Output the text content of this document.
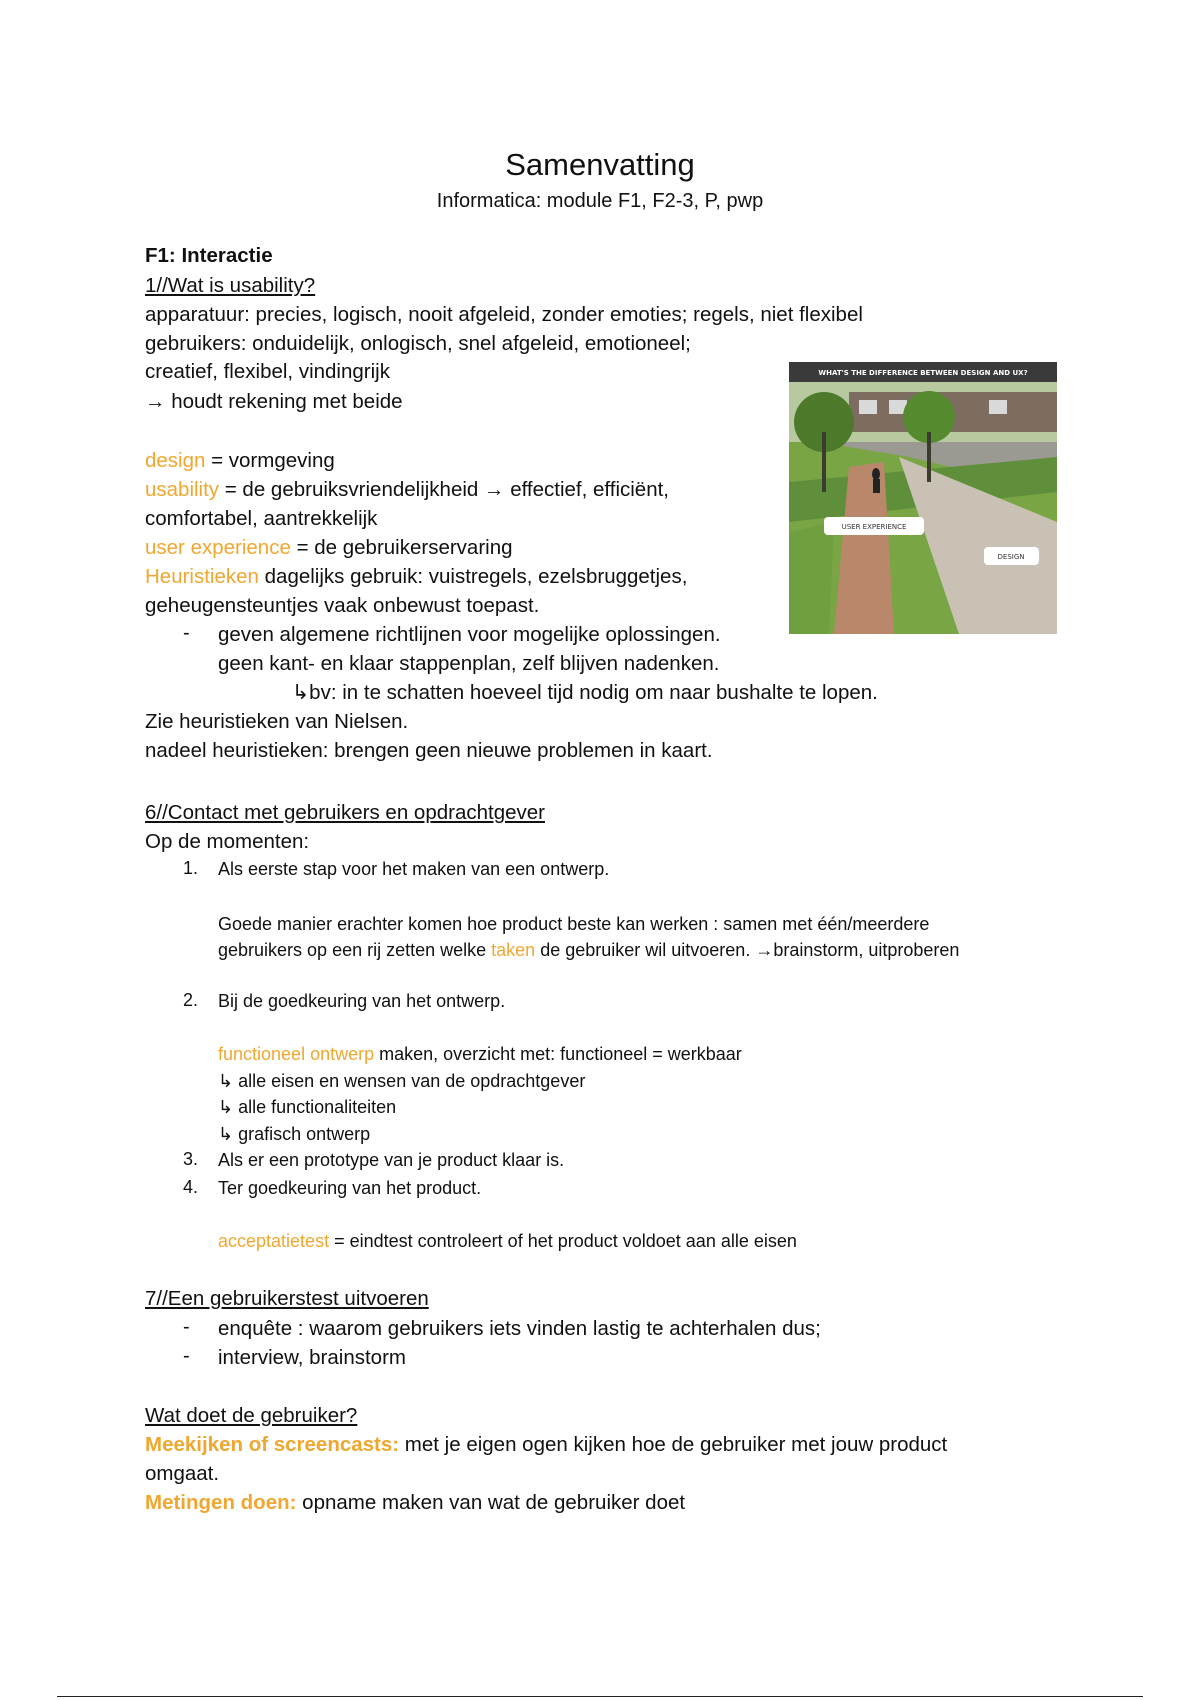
Samenvatting
Informatica: module F1, F2-3, P, pwp
F1: Interactie
1//Wat is usability?
apparatuur: precies, logisch, nooit afgeleid, zonder emoties; regels, niet flexibel
gebruikers: onduidelijk, onlogisch, snel afgeleid, emotioneel;
creatief, flexibel, vindingrijk
→ houdt rekening met beide
design = vormgeving
usability = de gebruiksvriendelijkheid → effectief, efficiënt,
comfortabel, aantrekkelijk
user experience = de gebruikerservaring
Heuristieken dagelijks gebruik: vuistregels, ezelsbruggetjes,
geheugensteuntjes vaak onbewust toepast.
- geven algemene richtlijnen voor mogelijke oplossingen.
geen kant- en klaar stappenplan, zelf blijven nadenken.
↳bv: in te schatten hoeveel tijd nodig om naar bushalte te lopen.
Zie heuristieken van Nielsen.
nadeel heuristieken: brengen geen nieuwe problemen in kaart.
WHAT'S THE DIFFERENCE BETWEEN DESIGN AND UX?
USER EXPERIENCE
DESIGN
6//Contact met gebruikers en opdrachtgever
Op de momenten:
1. Als eerste stap voor het maken van een ontwerp.
Goede manier erachter komen hoe product beste kan werken : samen met één/meerdere
gebruikers op een rij zetten welke taken de gebruiker wil uitvoeren. →brainstorm, uitproberen
2. Bij de goedkeuring van het ontwerp.
functioneel ontwerp maken, overzicht met: functioneel = werkbaar
↳ alle eisen en wensen van de opdrachtgever
↳ alle functionaliteiten
↳ grafisch ontwerp
3. Als er een prototype van je product klaar is.
4. Ter goedkeuring van het product.
acceptatietest = eindtest controleert of het product voldoet aan alle eisen
7//Een gebruikerstest uitvoeren
- enquête : waarom gebruikers iets vinden lastig te achterhalen dus;
- interview, brainstorm
Wat doet de gebruiker?
Meekijken of screencasts: met je eigen ogen kijken hoe de gebruiker met jouw product
omgaat.
Metingen doen: opname maken van wat de gebruiker doet
